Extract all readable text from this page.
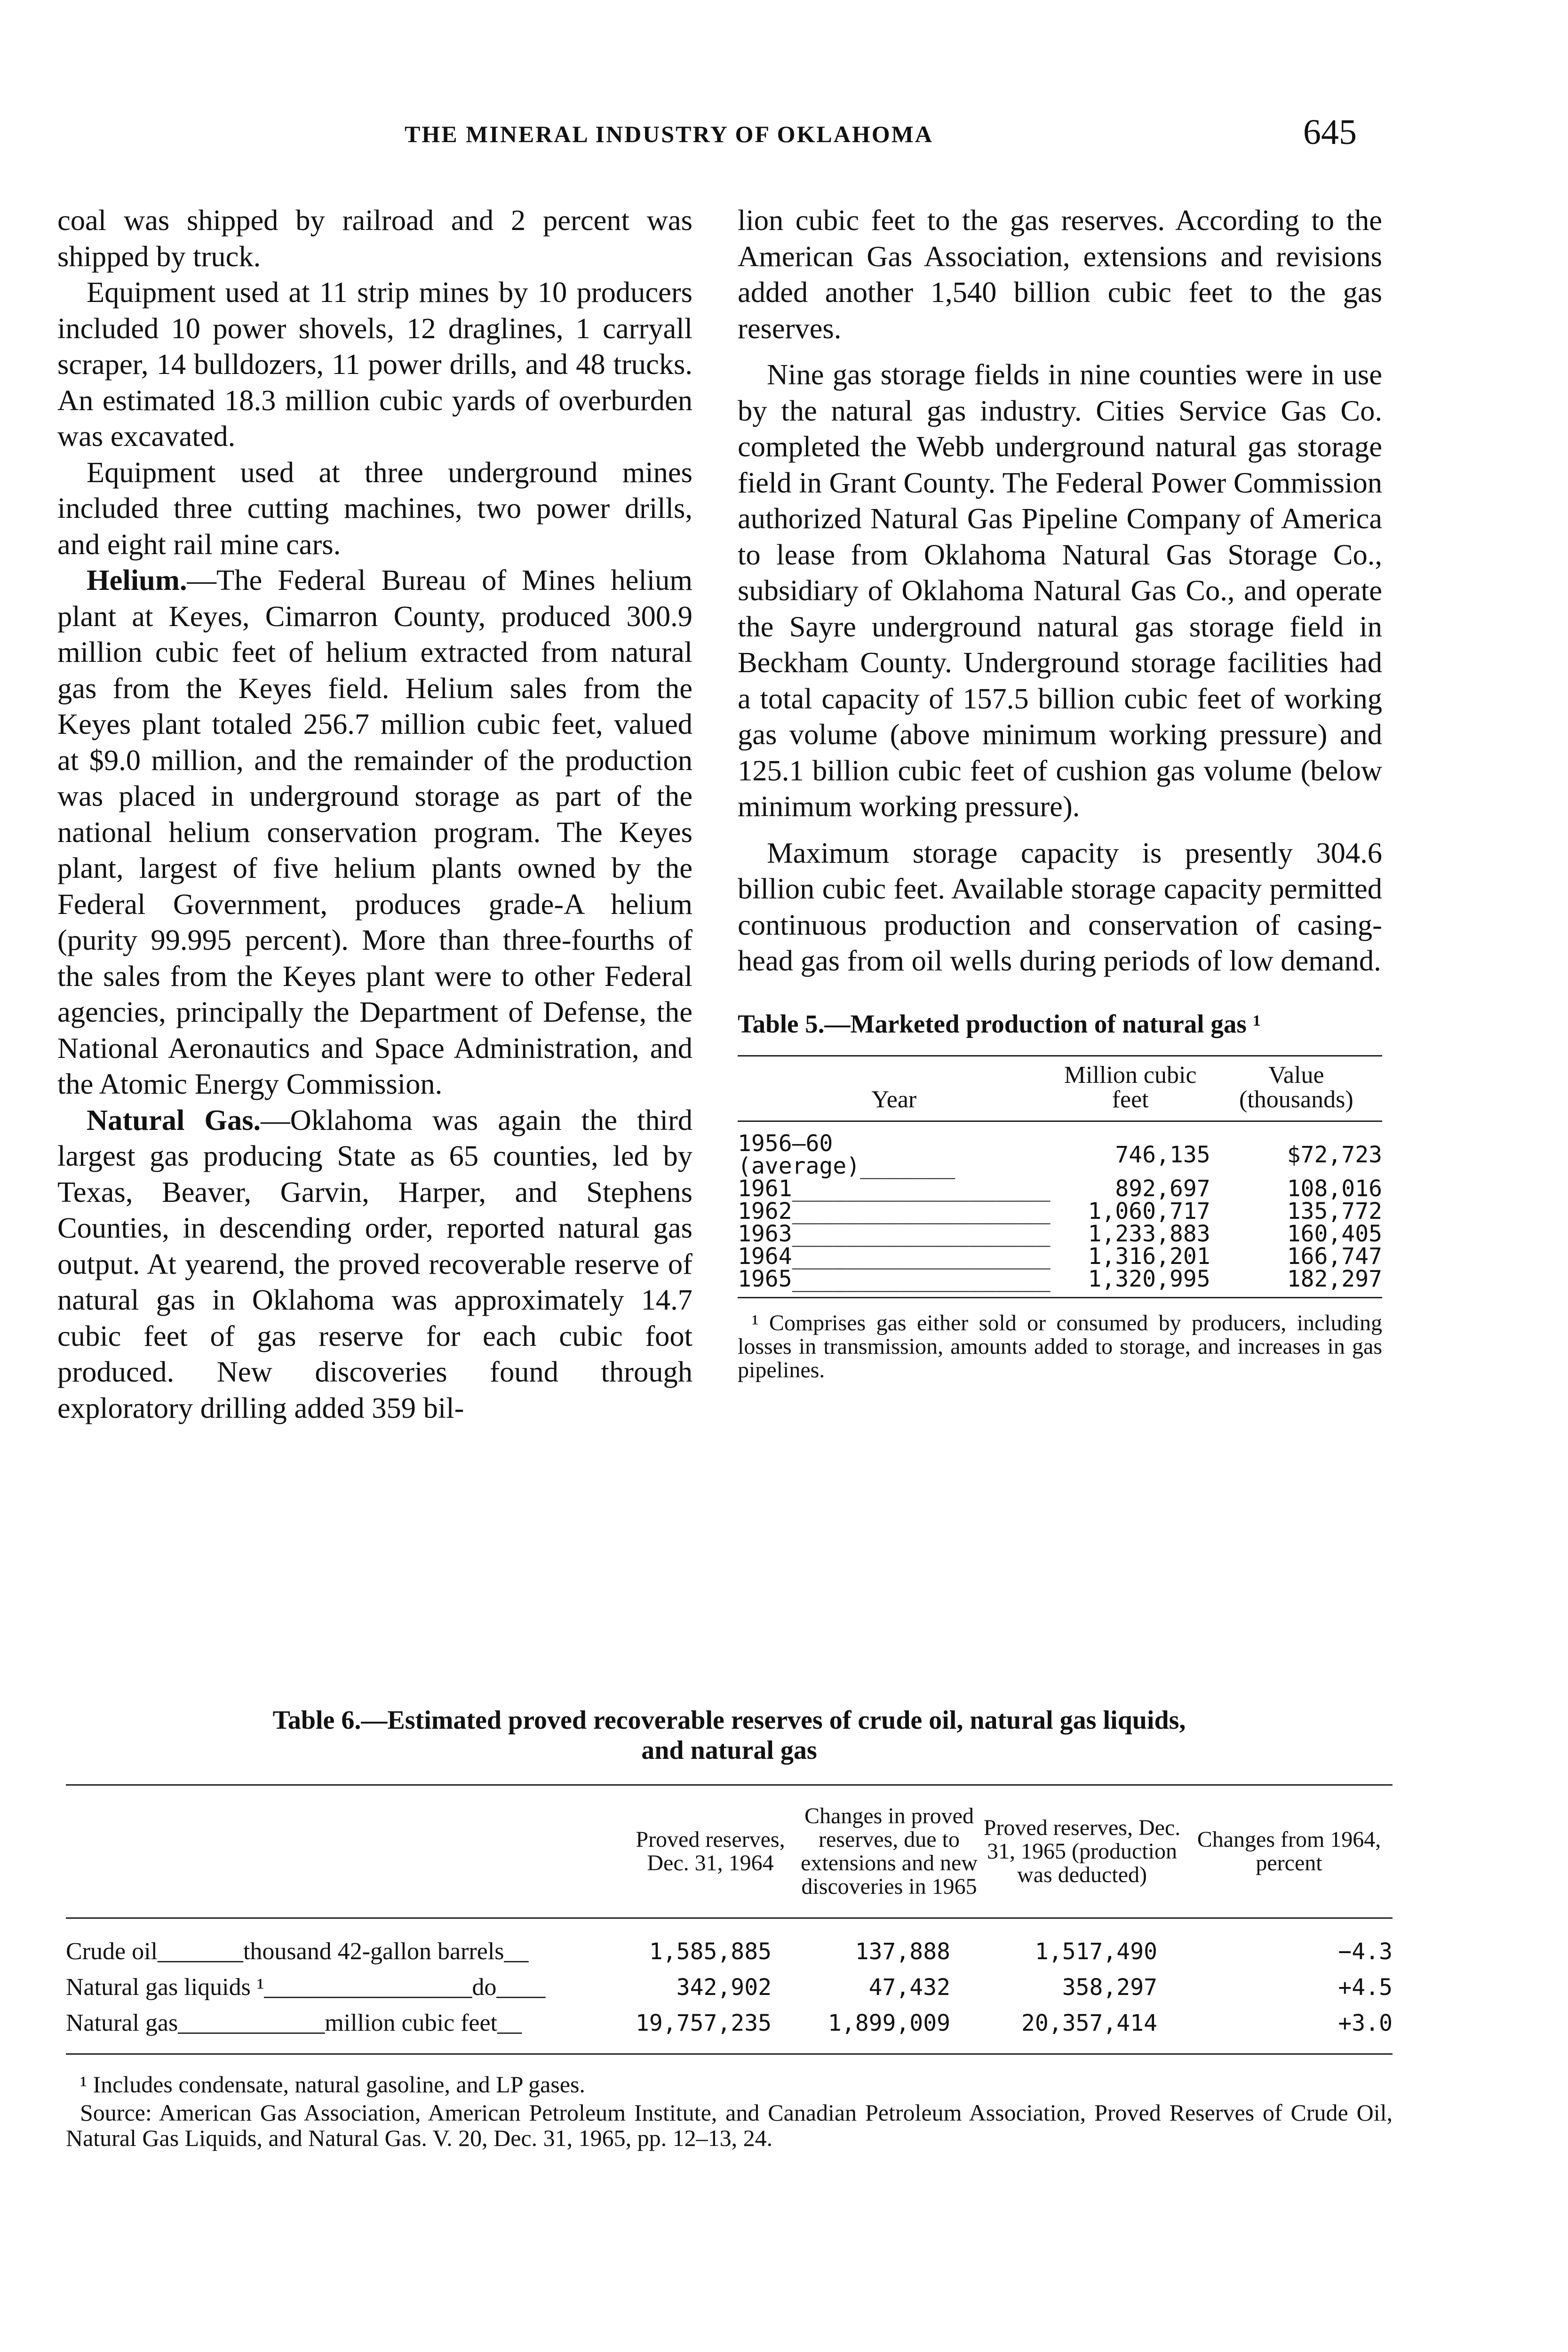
THE MINERAL INDUSTRY OF OKLAHOMA	645

coal was shipped by railroad and 2 percent was shipped by truck.

Equipment used at 11 strip mines by 10 producers included 10 power shovels, 12 draglines, 1 carryall scraper, 14 bulldozers, 11 power drills, and 48 trucks. An estimated 18.3 million cubic yards of overburden was excavated.

Equipment used at three underground mines included three cutting machines, two power drills, and eight rail mine cars.

Helium.—The Federal Bureau of Mines helium plant at Keyes, Cimarron County, produced 300.9 million cubic feet of helium extracted from natural gas from the Keyes field. Helium sales from the Keyes plant totaled 256.7 million cubic feet, valued at $9.0 million, and the remainder of the production was placed in underground storage as part of the national helium conservation program. The Keyes plant, largest of five helium plants owned by the Federal Government, produces grade-A helium (purity 99.995 percent). More than three-fourths of the sales from the Keyes plant were to other Federal agencies, principally the Department of Defense, the National Aeronautics and Space Administration, and the Atomic Energy Commission.

Natural Gas.—Oklahoma was again the third largest gas producing State as 65 counties, led by Texas, Beaver, Garvin, Harper, and Stephens Counties, in descending order, reported natural gas output. At yearend, the proved recoverable reserve of natural gas in Oklahoma was approximately 14.7 cubic feet of gas reserve for each cubic foot produced. New discoveries found through exploratory drilling added 359 bil-

lion cubic feet to the gas reserves. According to the American Gas Association, extensions and revisions added another 1,540 billion cubic feet to the gas reserves.

Nine gas storage fields in nine counties were in use by the natural gas industry. Cities Service Gas Co. completed the Webb underground natural gas storage field in Grant County. The Federal Power Commission authorized Natural Gas Pipeline Company of America to lease from Oklahoma Natural Gas Storage Co., subsidiary of Oklahoma Natural Gas Co., and operate the Sayre underground natural gas storage field in Beckham County. Underground storage facilities had a total capacity of 157.5 billion cubic feet of working gas volume (above minimum working pressure) and 125.1 billion cubic feet of cushion gas volume (below minimum working pressure).

Maximum storage capacity is presently 304.6 billion cubic feet. Available storage capacity permitted continuous production and conservation of casing-head gas from oil wells during periods of low demand.

Table 5.—Marketed production of natural gas ¹

Year	Million cubic feet	Value (thousands)
1956–60 (average)_______	746,135	$72,723
1961___________________	892,697	108,016
1962___________________	1,060,717	135,772
1963___________________	1,233,883	160,405
1964___________________	1,316,201	166,747
1965___________________	1,320,995	182,297

¹ Comprises gas either sold or consumed by producers, including losses in transmission, amounts added to storage, and increases in gas pipelines.

Table 6.—Estimated proved recoverable reserves of crude oil, natural gas liquids,
and natural gas
	Proved reserves, Dec. 31, 1964	Changes in proved reserves, due to extensions and new discoveries in 1965	Proved reserves, Dec. 31, 1965 (production was deducted)	Changes from 1964, percent
Crude oil_______thousand 42-gallon barrels__	1,585,885	137,888	1,517,490	−4.3
Natural gas liquids ¹_________________do____	342,902	47,432	358,297	+4.5
Natural gas____________million cubic feet__	19,757,235	1,899,009	20,357,414	+3.0

¹ Includes condensate, natural gasoline, and LP gases.

Source: American Gas Association, American Petroleum Institute, and Canadian Petroleum Association, Proved Reserves of Crude Oil, Natural Gas Liquids, and Natural Gas. V. 20, Dec. 31, 1965, pp. 12–13, 24.
